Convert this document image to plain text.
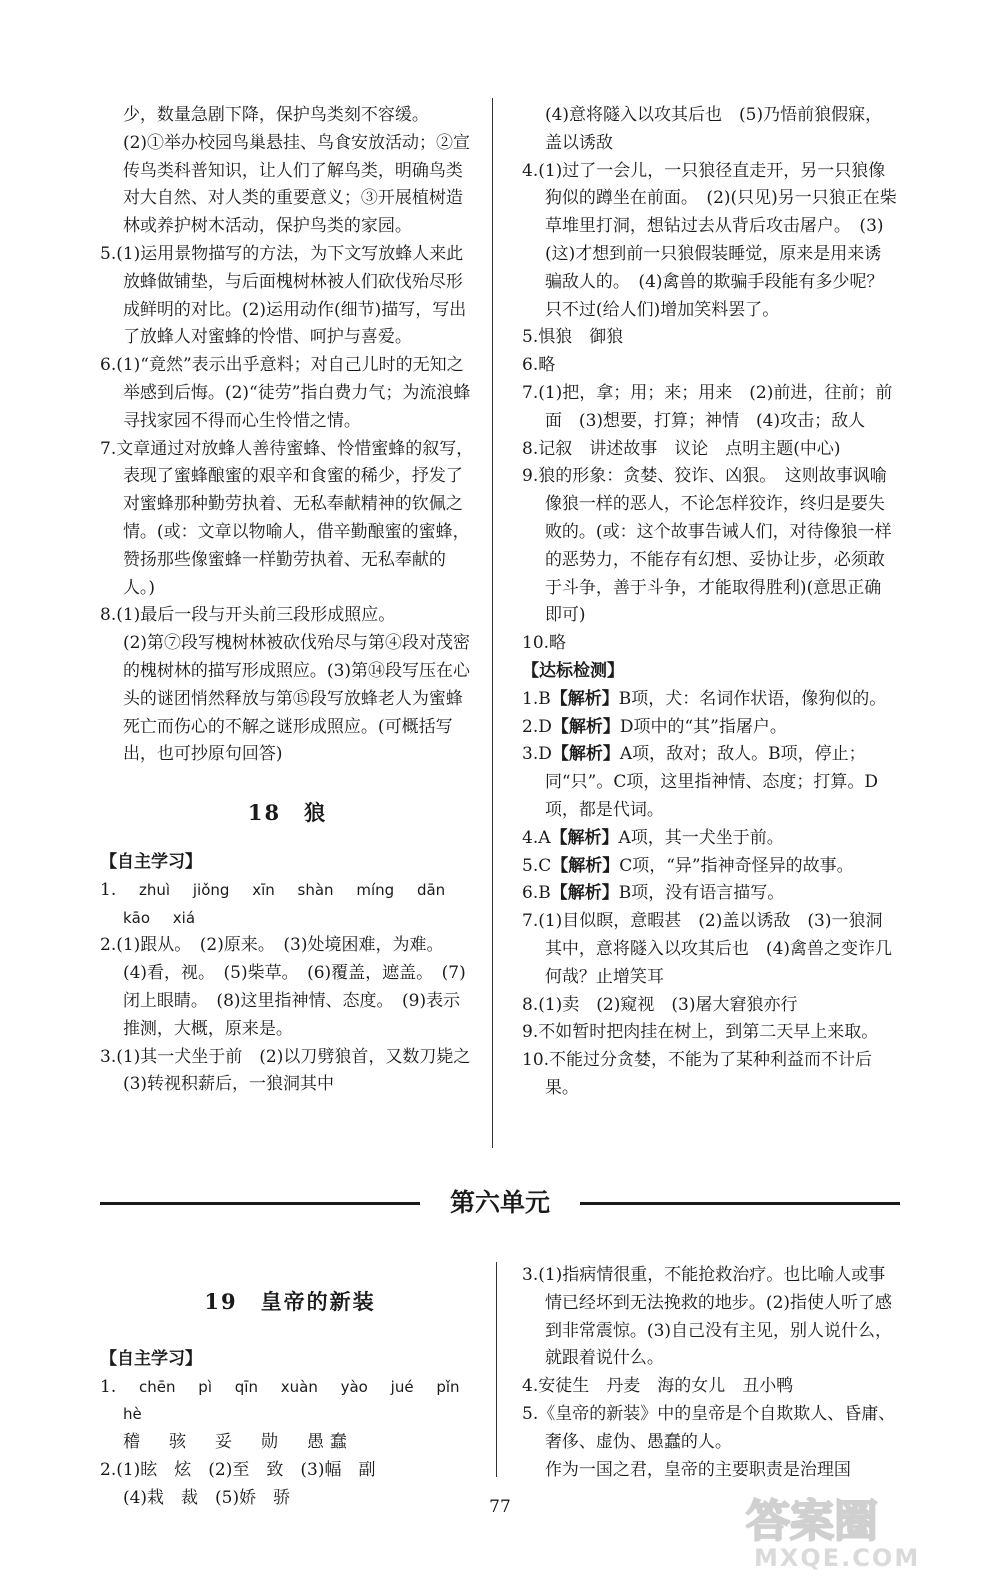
少，数量急剧下降，保护鸟类刻不容缓。

(2)①举办校园鸟巢悬挂、鸟食安放活动；②宣传鸟类科普知识，让人们了解鸟类，明确鸟类对大自然、对人类的重要意义；③开展植树造林或养护树木活动，保护鸟类的家园。

5.(1)运用景物描写的方法，为下文写放蜂人来此放蜂做铺垫，与后面槐树林被人们砍伐殆尽形成鲜明的对比。(2)运用动作(细节)描写，写出了放蜂人对蜜蜂的怜惜、呵护与喜爱。

6.(1)“竟然”表示出乎意料；对自己儿时的无知之举感到后悔。(2)“徒劳”指白费力气；为流浪蜂寻找家园不得而心生怜惜之情。

7.文章通过对放蜂人善待蜜蜂、怜惜蜜蜂的叙写，表现了蜜蜂酿蜜的艰辛和食蜜的稀少，抒发了对蜜蜂那种勤劳执着、无私奉献精神的钦佩之情。(或：文章以物喻人，借辛勤酿蜜的蜜蜂，赞扬那些像蜜蜂一样勤劳执着、无私奉献的人。)

8.(1)最后一段与开头前三段形成照应。

(2)第⑦段写槐树林被砍伐殆尽与第④段对茂密的槐树林的描写形成照应。(3)第⑭段写压在心头的谜团悄然释放与第⑮段写放蜂老人为蜜蜂死亡而伤心的不解之谜形成照应。(可概括写出，也可抄原句回答)

18　狼

【自主学习】

1. zhuì jiǒng xīn shàn míng dān kāo xiá

2.(1)跟从。　(2)原来。　(3)处境困难，为难。　(4)看，视。　(5)柴草。　(6)覆盖，遮盖。　(7)闭上眼睛。　(8)这里指神情、态度。　(9)表示推测，大概，原来是。

3.(1)其一犬坐于前　(2)以刀劈狼首，又数刀毙之　(3)转视积薪后，一狼洞其中

(4)意将隧入以攻其后也　(5)乃悟前狼假寐，盖以诱敌

4.(1)过了一会儿，一只狼径直走开，另一只狼像狗似的蹲坐在前面。　(2)(只见)另一只狼正在柴草堆里打洞，想钻过去从背后攻击屠户。　(3)(这)才想到前一只狼假装睡觉，原来是用来诱骗敌人的。　(4)禽兽的欺骗手段能有多少呢？只不过(给人们)增加笑料罢了。

5.惧狼　御狼

6.略

7.(1)把，拿；用；来；用来　(2)前进，往前；前面　(3)想要，打算；神情　(4)攻击；敌人

8.记叙　讲述故事　议论　点明主题(中心)

9.狼的形象：贪婪、狡诈、凶狠。　这则故事讽喻像狼一样的恶人，不论怎样狡诈，终归是要失败的。(或：这个故事告诫人们，对待像狼一样的恶势力，不能存有幻想、妥协让步，必须敢于斗争，善于斗争，才能取得胜利)(意思正确即可)

10.略

【达标检测】

1.B【解析】B项，犬：名词作状语，像狗似的。

2.D【解析】D项中的“其”指屠户。

3.D【解析】A项，敌对；敌人。B项，停止；同“只”。C项，这里指神情、态度；打算。D项，都是代词。

4.A【解析】A项，其一犬坐于前。

5.C【解析】C项，“异”指神奇怪异的故事。

6.B【解析】B项，没有语言描写。

7.(1)目似瞑，意暇甚　(2)盖以诱敌　(3)一狼洞其中，意将隧入以攻其后也　(4)禽兽之变诈几何哉？止增笑耳

8.(1)卖　(2)窥视　(3)屠大窘狼亦行

9.不如暂时把肉挂在树上，到第二天早上来取。

10.不能过分贪婪，不能为了某种利益而不计后果。

第六单元

19　皇帝的新装

【自主学习】

1. chēn pì qīn xuàn yào jué pǐn hè

稽　 骇　 妥　 勋　 愚蠢

2.(1)眩　炫　(2)至　致　(3)幅　副

(4)栽　裁　(5)娇　骄

3.(1)指病情很重，不能抢救治疗。也比喻人或事情已经坏到无法挽救的地步。(2)指使人听了感到非常震惊。(3)自己没有主见，别人说什么，就跟着说什么。

4.安徒生　丹麦　海的女儿　丑小鸭

5.《皇帝的新装》中的皇帝是个自欺欺人、昏庸、奢侈、虚伪、愚蠢的人。

作为一国之君，皇帝的主要职责是治理国

77	答案圈
MXQE.COM
